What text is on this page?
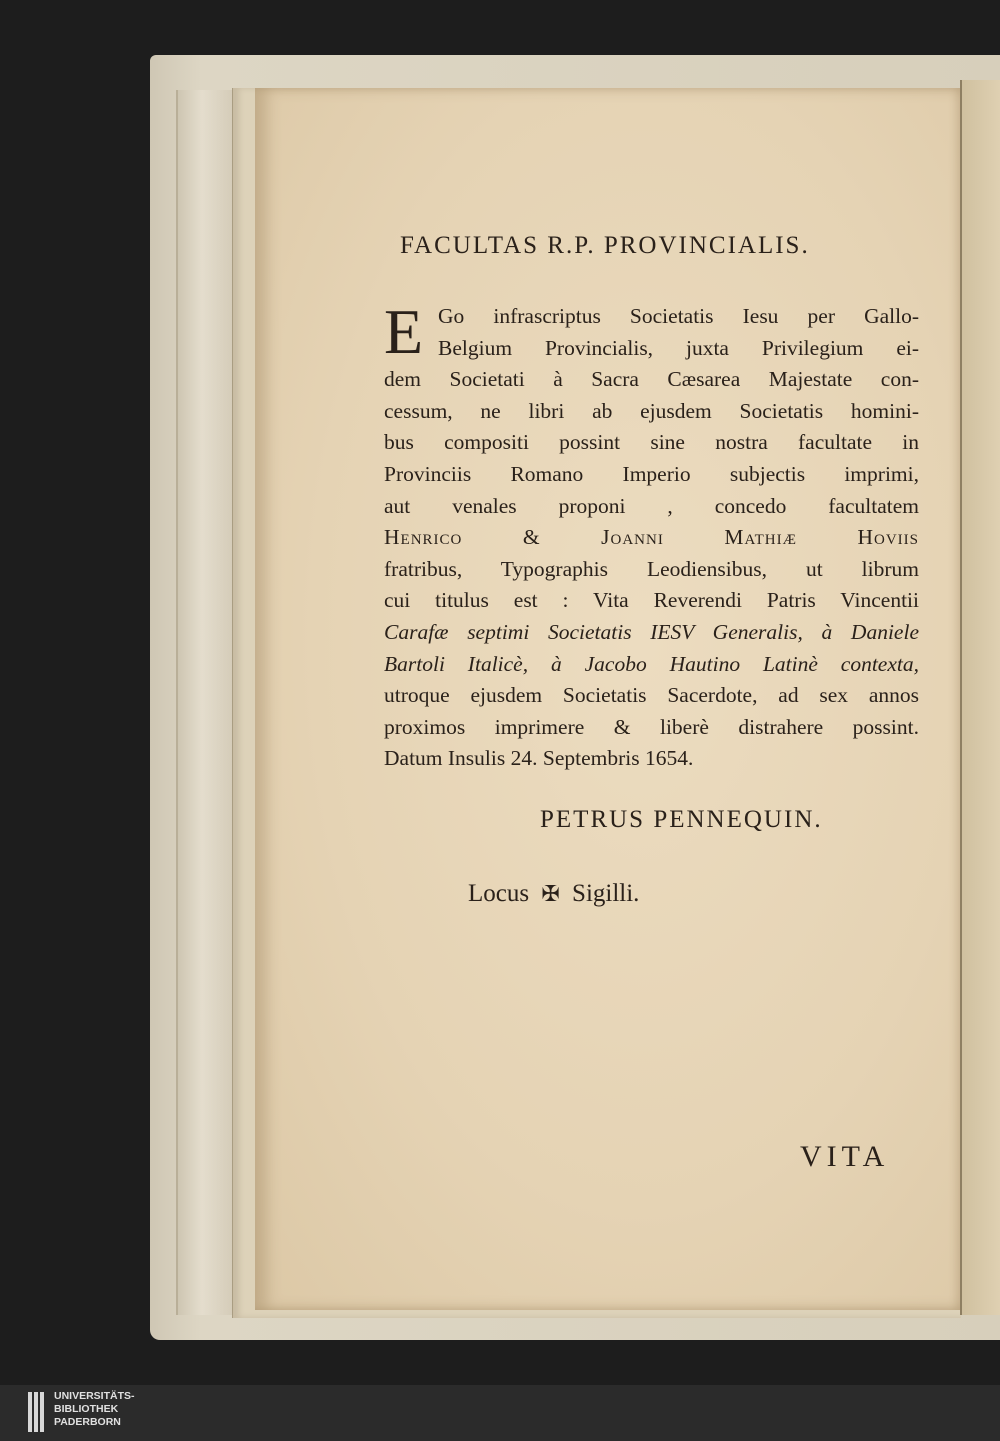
FACULTAS R.P. PROVINCIALIS.
E Go infrascriptus Societatis Iesu per Gallo-
Belgium Provincialis, juxta Privilegium ei-
dem Societati à Sacra Cæsarea Majestate con-
cessum, ne libri ab ejusdem Societatis homini-
bus compositi possint sine nostra facultate in
Provinciis Romano Imperio subjectis imprimi,
aut venales proponi , concedo facultatem
Henrico & Joanni Mathiæ Hoviis
fratribus, Typographis Leodiensibus, ut librum
cui titulus est : Vita Reverendi Patris Vincentii
Carafæ septimi Societatis IESV Generalis, à Daniele
Bartoli Italicè, à Jacobo Hautino Latinè contexta,
utroque ejusdem Societatis Sacerdote, ad sex annos
proximos imprimere & liberè distrahere possint.
Datum Insulis 24. Septembris 1654.
PETRUS PENNEQUIN.
Locus ✠ Sigilli.
VITA
UNIVERSITÄTS-
BIBLIOTHEK
PADERBORN
